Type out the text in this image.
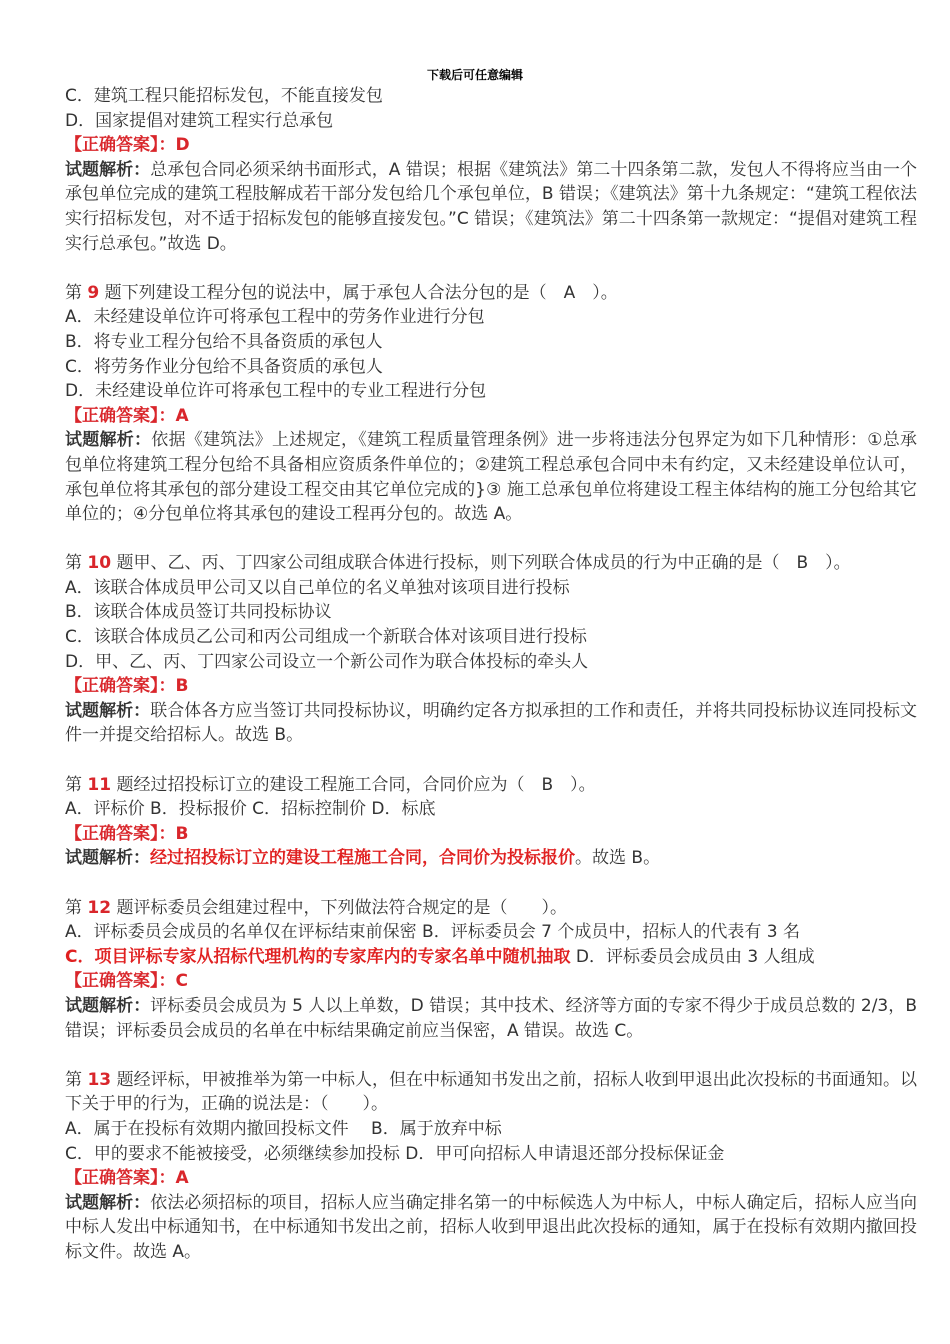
下载后可任意编辑
C．建筑工程只能招标发包，不能直接发包
D．国家提倡对建筑工程实行总承包
【正确答案】：D
试题解析：总承包合同必须采纳书面形式，A 错误；根据《建筑法》第二十四条第二款，发包人不得将应当由一个承包单位完成的建筑工程肢解成若干部分发包给几个承包单位，B 错误；《建筑法》第十九条规定：“建筑工程依法实行招标发包，对不适于招标发包的能够直接发包。”C 错误；《建筑法》第二十四条第一款规定：“提倡对建筑工程实行总承包。”故选 D。
第 9 题下列建设工程分包的说法中，属于承包人合法分包的是（　A　）。
A．未经建设单位许可将承包工程中的劳务作业进行分包
B．将专业工程分包给不具备资质的承包人
C．将劳务作业分包给不具备资质的承包人
D．未经建设单位许可将承包工程中的专业工程进行分包
【正确答案】：A
试题解析：依据《建筑法》上述规定，《建筑工程质量管理条例》进一步将违法分包界定为如下几种情形：①总承包单位将建筑工程分包给不具备相应资质条件单位的；②建筑工程总承包合同中未有约定，又未经建设单位认可，承包单位将其承包的部分建设工程交由其它单位完成的}③ 施工总承包单位将建设工程主体结构的施工分包给其它单位的；④分包单位将其承包的建设工程再分包的。故选 A。
第 10 题甲、乙、丙、丁四家公司组成联合体进行投标，则下列联合体成员的行为中正确的是（　B　）。
A．该联合体成员甲公司又以自己单位的名义单独对该项目进行投标
B．该联合体成员签订共同投标协议
C．该联合体成员乙公司和丙公司组成一个新联合体对该项目进行投标
D．甲、乙、丙、丁四家公司设立一个新公司作为联合体投标的牵头人
【正确答案】：B
试题解析：联合体各方应当签订共同投标协议，明确约定各方拟承担的工作和责任，并将共同投标协议连同投标文件一并提交给招标人。故选 B。
第 11 题经过招投标订立的建设工程施工合同，合同价应为（　B　）。
A．评标价 B．投标报价 C．招标控制价 D．标底
【正确答案】：B
试题解析：经过招投标订立的建设工程施工合同，合同价为投标报价。故选 B。
第 12 题评标委员会组建过程中，下列做法符合规定的是（　　）。
A．评标委员会成员的名单仅在评标结束前保密 B．评标委员会 7 个成员中，招标人的代表有 3 名
C．项目评标专家从招标代理机构的专家库内的专家名单中随机抽取 D．评标委员会成员由 3 人组成
【正确答案】：C
试题解析：评标委员会成员为 5 人以上单数，D 错误；其中技术、经济等方面的专家不得少于成员总数的 2/3，B 错误；评标委员会成员的名单在中标结果确定前应当保密，A 错误。故选 C。
第 13 题经评标，甲被推举为第一中标人，但在中标通知书发出之前，招标人收到甲退出此次投标的书面通知。以下关于甲的行为，正确的说法是：（　　）。
A．属于在投标有效期内撤回投标文件　 B．属于放弃中标
C．甲的要求不能被接受，必须继续参加投标 D．甲可向招标人申请退还部分投标保证金
【正确答案】：A
试题解析：依法必须招标的项目，招标人应当确定排名第一的中标候选人为中标人，中标人确定后，招标人应当向中标人发出中标通知书，在中标通知书发出之前，招标人收到甲退出此次投标的通知，属于在投标有效期内撤回投标文件。故选 A。
